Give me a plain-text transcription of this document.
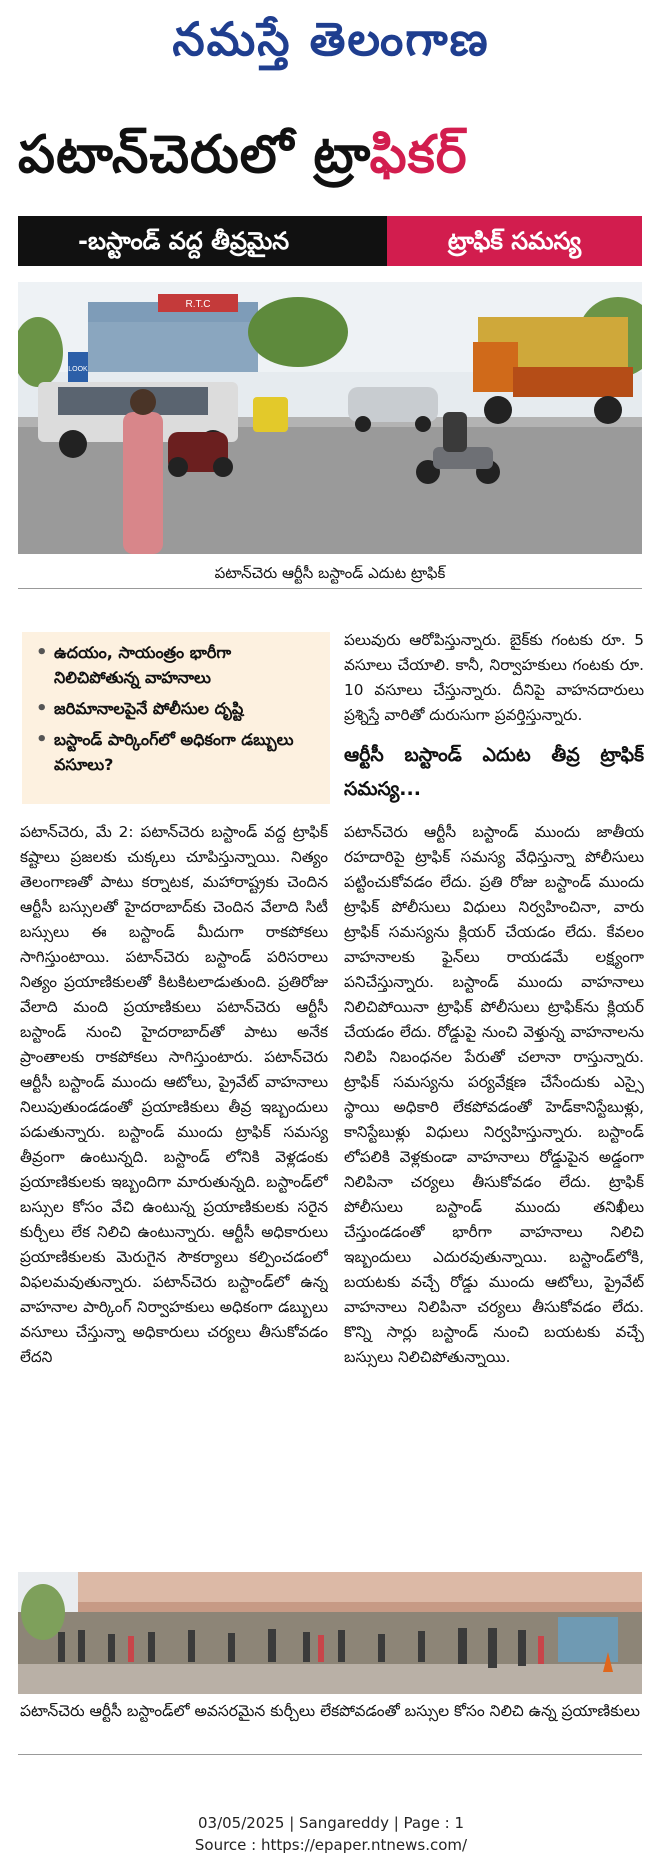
నమస్తే తెలంగాణ
పటాన్‌చెరులో ట్రాఫికర్
-బస్టాండ్ వద్ద తీవ్రమైన	ట్రాఫిక్ సమస్య
R.T.C
LOOK
పటాన్‌చెరు ఆర్టీసీ బస్టాండ్ ఎదుట ట్రాఫిక్
• ఉదయం, సాయంత్రం భారీగా నిలిచిపోతున్న వాహనాలు
• జరిమానాలపైనే పోలీసుల దృష్టి
• బస్టాండ్ పార్కింగ్‌లో అధికంగా డబ్బులు వసూలు?

పటాన్‌చెరు, మే 2: పటాన్‌చెరు బస్టాండ్ వద్ద ట్రాఫిక్ కష్టాలు ప్రజలకు చుక్కలు చూపిస్తున్నాయి. నిత్యం తెలంగాణతో పాటు కర్నాటక, మహారాష్ట్రకు చెందిన ఆర్టీసీ బస్సులతో హైదరాబాద్‌కు చెందిన వేలాది సిటీ బస్సులు ఈ బస్టాండ్ మీదుగా రాకపోకలు సాగిస్తుంటాయి. పటాన్‌చెరు బస్టాండ్ పరిసరాలు నిత్యం ప్రయాణికులతో కిటకిటలాడుతుంది. ప్రతిరోజు వేలాది మంది ప్రయాణికులు పటాన్‌చెరు ఆర్టీసీ బస్టాండ్ నుంచి హైదరాబాద్‌తో పాటు అనేక ప్రాంతాలకు రాకపోకలు సాగిస్తుంటారు. పటాన్‌చెరు ఆర్టీసీ బస్టాండ్ ముందు ఆటోలు, ప్రైవేట్ వాహనాలు నిలుపుతుండడంతో ప్రయాణికులు తీవ్ర ఇబ్బందులు పడుతున్నారు. బస్టాండ్ ముందు ట్రాఫిక్ సమస్య తీవ్రంగా ఉంటున్నది. బస్టాండ్ లోనికి వెళ్లడంకు ప్రయాణికులకు ఇబ్బందిగా మారుతున్నది. బస్టాండ్‌లో బస్సుల కోసం వేచి ఉంటున్న ప్రయాణికులకు సరైన కుర్చీలు లేక నిలిచి ఉంటున్నారు. ఆర్టీసీ అధికారులు ప్రయాణికులకు మెరుగైన సౌకర్యాలు కల్పించడంలో విఫలమవుతున్నారు. పటాన్‌చెరు బస్టాండ్‌లో ఉన్న వాహనాల పార్కింగ్ నిర్వాహకులు అధికంగా డబ్బులు వసూలు చేస్తున్నా అధికారులు చర్యలు తీసుకోవడం లేదని

పలువురు ఆరోపిస్తున్నారు. బైక్‌కు గంటకు రూ. 5 వసూలు చేయాలి. కానీ, నిర్వాహకులు గంటకు రూ. 10 వసూలు చేస్తున్నారు. దీనిపై వాహనదారులు ప్రశ్నిస్తే వారితో దురుసుగా ప్రవర్తిస్తున్నారు.

ఆర్టీసీ బస్టాండ్ ఎదుట తీవ్ర ట్రాఫిక్ సమస్య...

పటాన్‌చెరు ఆర్టీసీ బస్టాండ్ ముందు జాతీయ రహదారిపై ట్రాఫిక్ సమస్య వేధిస్తున్నా పోలీసులు పట్టించుకోవడం లేదు. ప్రతి రోజు బస్టాండ్ ముందు ట్రాఫిక్ పోలీసులు విధులు నిర్వహించినా, వారు ట్రాఫిక్ సమస్యను క్లియర్ చేయడం లేదు. కేవలం వాహనాలకు ఫైన్‌లు రాయడమే లక్ష్యంగా పనిచేస్తున్నారు. బస్టాండ్ ముందు వాహనాలు నిలిచిపోయినా ట్రాఫిక్ పోలీసులు ట్రాఫిక్‌ను క్లియర్ చేయడం లేదు. రోడ్డుపై నుంచి వెళ్తున్న వాహనాలను నిలిపి నిబంధనల పేరుతో చలానా రాస్తున్నారు. ట్రాఫిక్ సమస్యను పర్యవేక్షణ చేసేందుకు ఎస్సై స్థాయి అధికారి లేకపోవడంతో హెడ్‌కానిస్టేబుళ్లు, కానిస్టేబుళ్లు విధులు నిర్వహిస్తున్నారు. బస్టాండ్ లోపలికి వెళ్లకుండా వాహనాలు రోడ్డుపైన అడ్డంగా నిలిపినా చర్యలు తీసుకోవడం లేదు. ట్రాఫిక్ పోలీసులు బస్టాండ్ ముందు తనిఖీలు చేస్తుండడంతో భారీగా వాహనాలు నిలిచి ఇబ్బందులు ఎదురవుతున్నాయి. బస్టాండ్‌లోకి, బయటకు వచ్చే రోడ్డు ముందు ఆటోలు, ప్రైవేట్ వాహనాలు నిలిపినా చర్యలు తీసుకోవడం లేదు. కొన్ని సార్లు బస్టాండ్ నుంచి బయటకు వచ్చే బస్సులు నిలిచిపోతున్నాయి.

పటాన్‌చెరు ఆర్టీసీ బస్టాండ్‌లో అవసరమైన కుర్చీలు లేకపోవడంతో బస్సుల కోసం నిలిచి ఉన్న ప్రయాణికులు
03/05/2025 | Sangareddy | Page : 1
Source : https://epaper.ntnews.com/
